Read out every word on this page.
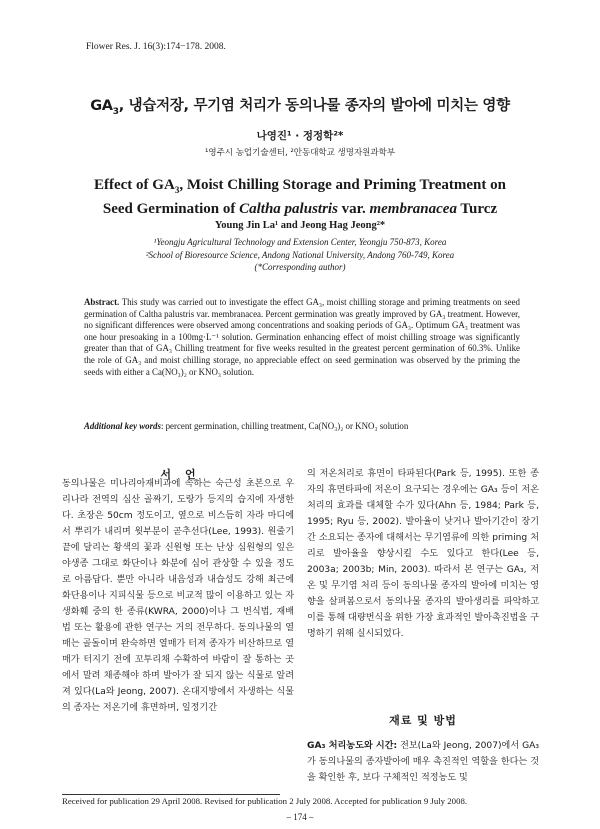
Flower Res. J. 16(3):174−178. 2008.
$GA_3$, 냉습저장, 무기염 처리가 동의나물 종자의 발아에 미치는 영향
나영진¹ · 정정학²*
¹영주시 농업기술센터, ²안동대학교 생명자원과학부
Effect of $GA_3$, Moist Chilling Storage and Priming Treatment on
Seed Germination of Caltha palustris var. membranacea Turcz
Young Jin La¹ and Jeong Hag Jeong²*
¹Yeongju Agricultural Technology and Extension Center, Yeongju 750-873, Korea
²School of Bioresource Science, Andong National University, Andong 760-749, Korea
(*Corresponding author)
Abstract. This study was carried out to investigate the effect GA₃, moist chilling storage and priming treatments on seed germination of Caltha palustris var. membranacea. Percent germination was greatly improved by GA₃ treatment. However, no significant differences were observed among concentrations and soaking periods of GA₃. Optimum GA₃ treatment was one hour presoaking in a 100mg·L⁻¹ solution. Germination enhancing effect of moist chilling stroage was significantly greater than that of GA₃ Chilling treatment for five weeks resulted in the greatest percent germination of 60.3%. Unlike the role of GA₃ and moist chilling storage, no appreciable effect on seed germination was observed by the priming the seeds with either a Ca(NO₃)₂ or KNO₃ solution.
Additional key words: percent germination, chilling treatment, Ca(NO₃)₂ or KNO₃ solution
서언
동의나물은 미나리아재비과에 속하는 숙근성 초본으로 우리나라 전역의 심산 골짜기, 도랑가 등지의 습지에 자생한다. 초장은 50cm 정도이고, 옆으로 비스듬히 자라 마디에서 뿌리가 내리며 윗부분이 곧추선다(Lee, 1993). 원줄기 끝에 달리는 황색의 꽃과 신원형 또는 난상 심원형의 잎은 야생종 그대로 화단이나 화분에 심어 관상할 수 있을 정도로 아름답다. 뿐만 아니라 내음성과 내습성도 강해 최근에 화단용이나 지피식물 등으로 비교적 많이 이용하고 있는 자생화훼 중의 한 종류(KWRA, 2000)이나 그 번식법, 재배법 또는 활용에 관한 연구는 거의 전무하다. 동의나물의 열매는 골돌이며 완숙하면 열매가 터져 종자가 비산하므로 열매가 터지기 전에 꼬투리채 수확하여 바람이 잘 통하는 곳에서 말려 채종해야 하며 발아가 잘 되지 않는 식물로 알려져 있다(La와 Jeong, 2007). 온대지방에서 자생하는 식물의 종자는 저온기에 휴면하며, 일정기간
의 저온처리로 휴면이 타파된다(Park 등, 1995). 또한 종자의 휴면타파에 저온이 요구되는 경우에는 GA₃ 등이 저온처리의 효과를 대체할 수가 있다(Ahn 등, 1984; Park 등, 1995; Ryu 등, 2002). 발아율이 낮거나 발아기간이 장기간 소요되는 종자에 대해서는 무기염류에 의한 priming 처리로 발아율을 향상시킬 수도 있다고 한다(Lee 등, 2003a; 2003b; Min, 2003). 따라서 본 연구는 GA₃, 저온 및 무기염 처리 등이 동의나물 종자의 발아에 미치는 영향을 살펴봄으로서 동의나물 종자의 발아생리를 파악하고 이를 통해 대량번식을 위한 가장 효과적인 발아촉진법을 구명하기 위해 실시되었다.
재료 및 방법
GA₃ 처리농도와 시간: 전보(La와 Jeong, 2007)에서 GA₃가 동의나물의 종자발아에 매우 촉진적인 역할을 한다는 것을 확인한 후, 보다 구체적인 적정농도 및
Received for publication 29 April 2008. Revised for publication 2 July 2008. Accepted for publication 9 July 2008.
– 174 –
